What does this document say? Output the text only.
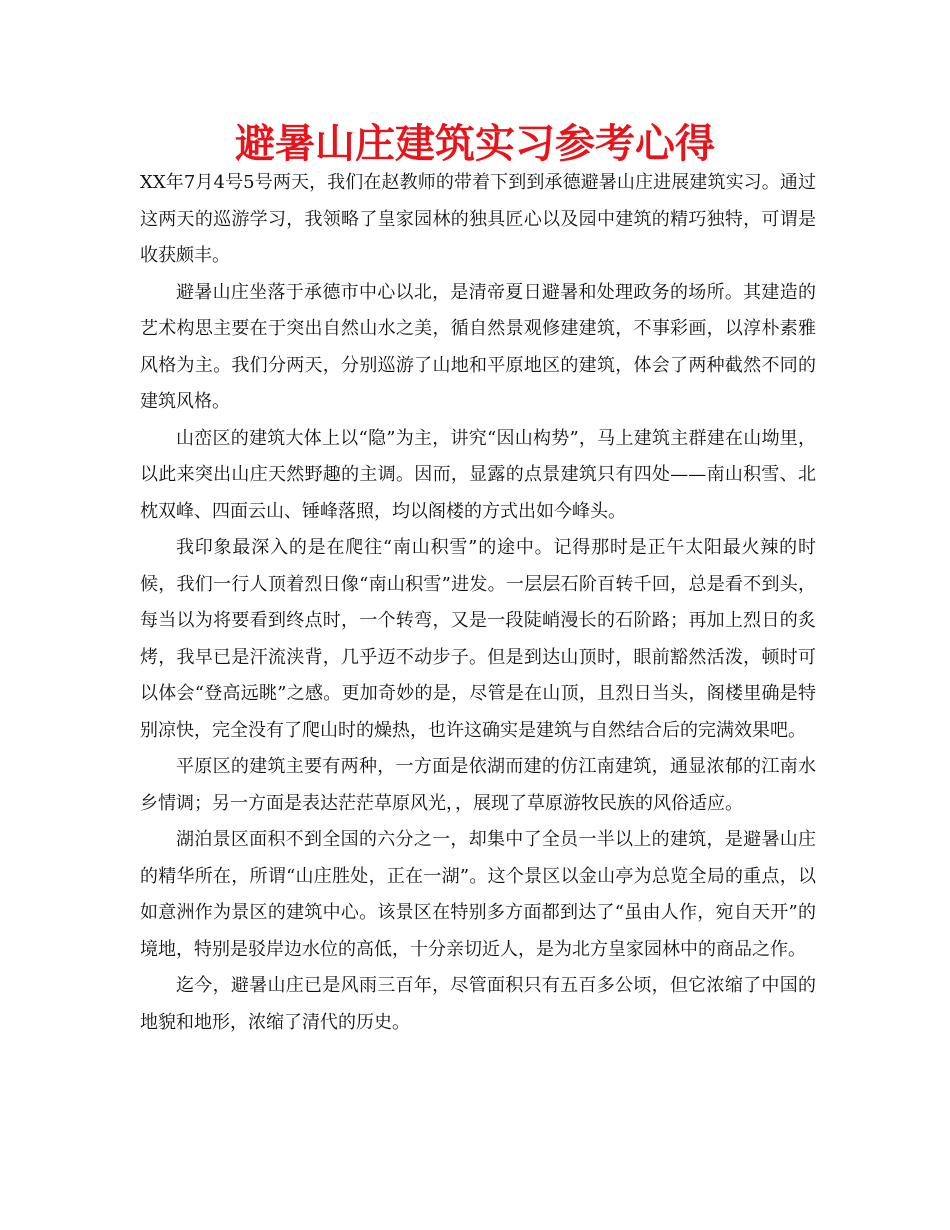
避暑山庄建筑实习参考心得

XX年7月4号5号两天，我们在赵教师的带着下到到承德避暑山庄进展建筑实习。通过这两天的巡游学习，我领略了皇家园林的独具匠心以及园中建筑的精巧独特，可谓是收获颇丰。

避暑山庄坐落于承德市中心以北，是清帝夏日避暑和处理政务的场所。其建造的艺术构思主要在于突出自然山水之美，循自然景观修建建筑，不事彩画，以淳朴素雅风格为主。我们分两天，分别巡游了山地和平原地区的建筑，体会了两种截然不同的建筑风格。

山峦区的建筑大体上以“隐”为主，讲究“因山构势”，马上建筑主群建在山坳里，以此来突出山庄天然野趣的主调。因而，显露的点景建筑只有四处——南山积雪、北枕双峰、四面云山、锤峰落照，均以阁楼的方式出如今峰头。

我印象最深入的是在爬往“南山积雪”的途中。记得那时是正午太阳最火辣的时候，我们一行人顶着烈日像“南山积雪”进发。一层层石阶百转千回，总是看不到头，每当以为将要看到终点时，一个转弯，又是一段陡峭漫长的石阶路；再加上烈日的炙烤，我早已是汗流浃背，几乎迈不动步子。但是到达山顶时，眼前豁然活泼，顿时可以体会“登高远眺”之感。更加奇妙的是，尽管是在山顶，且烈日当头，阁楼里确是特别凉快，完全没有了爬山时的燥热，也许这确实是建筑与自然结合后的完满效果吧。

平原区的建筑主要有两种，一方面是依湖而建的仿江南建筑，通显浓郁的江南水乡情调；另一方面是表达茫茫草原风光，，展现了草原游牧民族的风俗适应。

湖泊景区面积不到全国的六分之一，却集中了全员一半以上的建筑，是避暑山庄的精华所在，所谓“山庄胜处，正在一湖”。这个景区以金山亭为总览全局的重点，以如意洲作为景区的建筑中心。该景区在特别多方面都到达了“虽由人作，宛自天开”的境地，特别是驳岸边水位的高低，十分亲切近人，是为北方皇家园林中的商品之作。

迄今，避暑山庄已是风雨三百年，尽管面积只有五百多公顷，但它浓缩了中国的地貌和地形，浓缩了清代的历史。
